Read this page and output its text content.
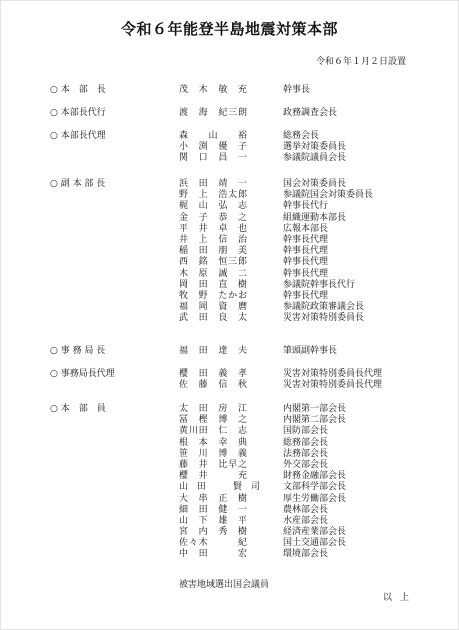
令和６年能登半島地震対策本部
令和６年１月２日設置
○ 本　部　長	茂　木　敏　充	幹事長
○ 本部長代行	渡　海　紀三朗	政務調査会長
○ 本部長代理	森　　山　　裕	総務会長
小　渕　優　子	選挙対策委員長
関　口　昌　一	参議院議員会長
○ 副 本 部 長	浜　田　靖　一	国会対策委員長
野　上　浩太郎	参議院国会対策委員長
梶　山　弘　志	幹事長代行
金　子　恭　之	組織運動本部長
平　井　卓　也	広報本部長
井　上　信　治	幹事長代理
稲　田　朋　美	幹事長代理
西　銘　恒三郎	幹事長代理
木　原　誠　二	幹事長代理
岡　田　直　樹	参議院幹事長代行
牧　野　たかお	幹事長代理
福　岡　資　麿	参議院政策審議会長
武　田　良　太	災害対策特別委員長
○ 事 務 局 長	福　田　達　夫	筆頭副幹事長
○ 事務局長代理	櫻　田　義　孝	災害対策特別委員長代理
佐　藤　信　秋	災害対策特別委員長代理
○ 本　部　員	太　田　房　江	内閣第一部会長
冨　樫　博　之	内閣第二部会長
黄川田　仁　志	国防部会長
根　本　幸　典	総務部会長
笹　川　博　義	法務部会長
藤　井　比早之	外交部会長
櫻　井　　　充	財務金融部会長
山　田　　　賢　司	文部科学部会長
大　串　正　樹	厚生労働部会長
細　田　健　一	農林部会長
山　下　雄　平	水産部会長
宮　内　秀　樹	経済産業部会長
佐々木　　　紀	国土交通部会長
中　田　　　宏	環境部会長
被害地域選出国会議員
以上
